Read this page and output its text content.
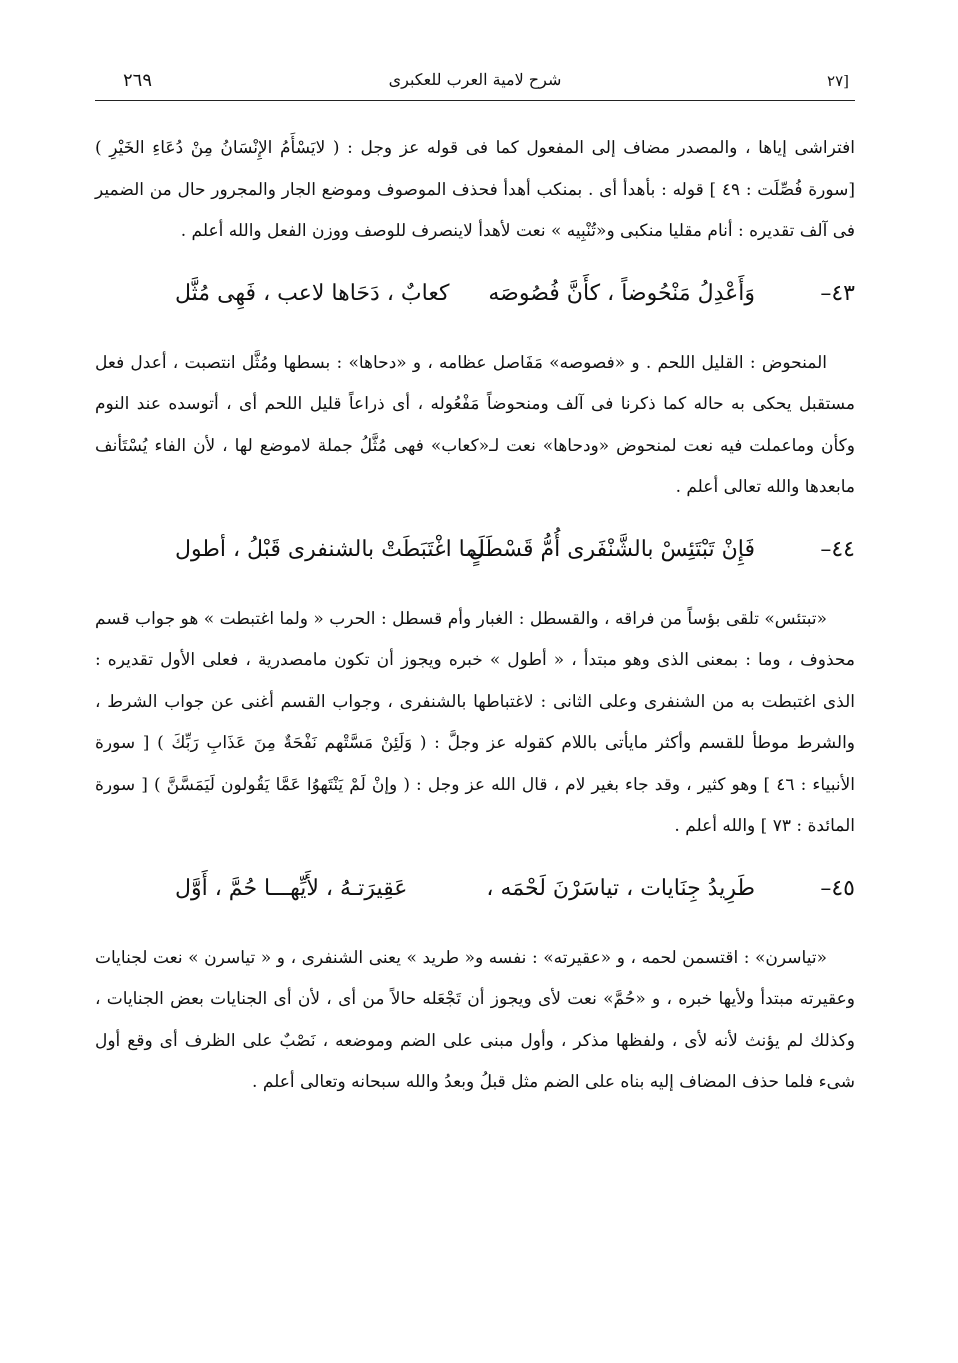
[٢٧
شرح لامية العرب للعكبرى
٢٦٩

افتراشى إياها ، والمصدر مضاف إلى المفعول كما فى قوله عز وجل : ( لايَسْأَمُ الإِنْسَانُ مِنْ دُعَاءِ الخَيْرِ ) [سورة فُصِّلَت : ٤٩ ] قوله : بأهدأ أى . بمنكب أهدأ فحذف الموصوف وموضع الجار والمجرور حال من الضمير فى آلف تقديره : أنام مقليا منكبى و«تُنْبِيه » نعت لأهدأ لاينصرف للوصف ووزن الفعل والله أعلم .

٤٣–
وَأَعْدِلُ مَنْحُوضاً ، كأَنَّ فُصُوصَه
كعابٌ ، دَحَاها لاعب ، فَهِى مُثَّل

المنحوض : القليل اللحم . و «فصوصه» مَفَاصل عظامه ، و «دحاها» : بسطها ومُثَّل انتصبت ، أعدل فعل مستقبل يحكى به حاله كما ذكرنا فى آلف ومنحوضاً مَفْعُوله ، أى ذراعاً قليل اللحم أى ، أتوسده عند النوم وكأن وماعملت فيه نعت لمنحوض «ودحاها» نعت لـ«كعاب» فهى مُثَّلُ جملة لاموضع لها ، لأن الفاء يُسْتَأنف مابعدها والله تعالى أعلم .

٤٤–
فَإِنْ تَبْتَئِسْ بالشَّنْفَرى أُمُّ قَسْطَلٍ
لَما اغْتَبَطَتْ بالشنفرى قَبْلُ ، أطول

«تبتئس» تلقى بؤساً من فراقه ، والقسطل : الغبار وأم قسطل : الحرب « ولما اغتبطت » هو جواب قسم محذوف ، وما : بمعنى الذى وهو مبتدأ ، « أطول » خبره ويجوز أن تكون مامصدرية ، فعلى الأول تقديره : الذى اغتبطت به من الشنفرى وعلى الثانى : لاغتباطها بالشنفرى ، وجواب القسم أغنى عن جواب الشرط ، والشرط موطأ للقسم وأكثر مايأتى باللام كقوله عز وجلَّ : ( وَلَئِنْ مَسَّتْهم نَفْحَةٌ مِنَ عَذَابِ رَبِّكَ ) [ سورة الأنبياء : ٤٦ ] وهو كثير ، وقد جاء بغير لام ، قال الله عز وجل : ( وإنْ لَمْ يَنْتَهوُا عَمَّا يَقُولون لَيَمَسَّنَّ ) [ سورة المائدة : ٧٣ ] والله أعلم .

٤٥–
طَرِيدُ جِنَايات ، تياسَرْنَ لَحْمَه ،
عَقِيرَتـهُ ، لأَيِّهـــا حُمَّ ، أَوَّل

«تياسرن» : اقتسمن لحمه ، و «عقيرته» : نفسه و« طريد » يعنى الشنفرى ، و « تياسرن » نعت لجنايات وعقيرته مبتدأ ولأيها خبره ، و «حُمَّ» نعت لأى ويجوز أن تَجْعَله حالاً من أى ، لأن أى الجنايات بعض الجنايات ، وكذلك لم يؤنث لأنه لأى ، ولفظها مذكر ، وأول مبنى على الضم وموضعه ، نَصْبٌ على الظرف أى وقع أول شىء فلما حذف المضاف إليه بناه على الضم مثل قبلُ وبعدُ والله سبحانه وتعالى أعلم .
